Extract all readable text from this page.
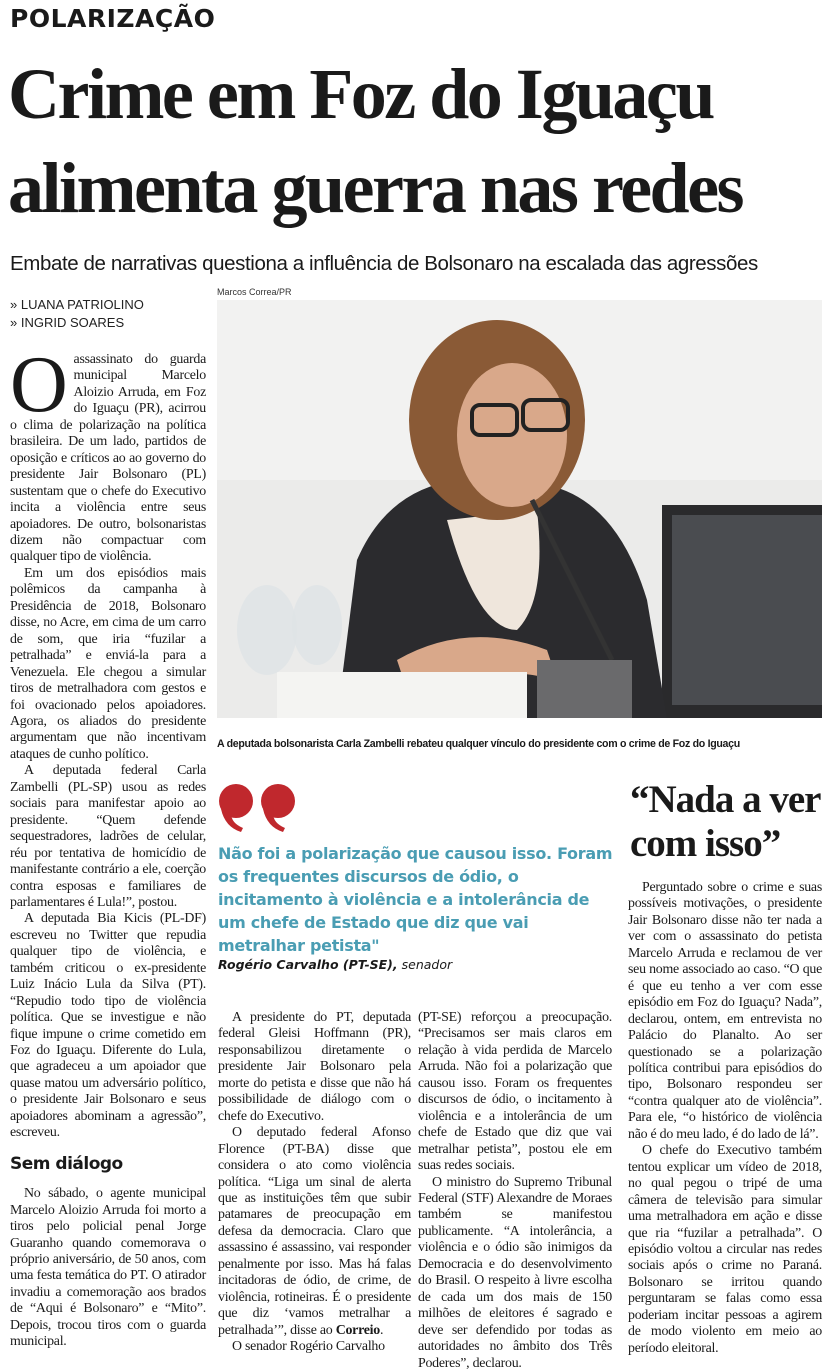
POLARIZAÇÃO
Crime em Foz do Iguaçu
alimenta guerra nas redes
Embate de narrativas questiona a influência de Bolsonaro na escalada das agressões
» LUANA PATRIOLINO
» INGRID SOARES
Marcos Correa/PR
A deputada bolsonarista Carla Zambelli rebateu qualquer vínculo do presidente com o crime de Foz do Iguaçu

Oassassinato do guarda municipal Marcelo Aloizio Arruda, em Foz do Iguaçu (PR), acirrou o clima de polarização na política brasileira. De um lado, partidos de oposição e críticos ao ao governo do presidente Jair Bolsonaro (PL) sustentam que o chefe do Executivo incita a violência entre seus apoiadores. De outro, bolsonaristas dizem não compactuar com qualquer tipo de violência.

Em um dos episódios mais polêmicos da campanha à Presidência de 2018, Bolsonaro disse, no Acre, em cima de um carro de som, que iria “fuzilar a petralhada” e enviá-la para a Venezuela. Ele chegou a simular tiros de metralhadora com gestos e foi ovacionado pelos apoiadores. Agora, os aliados do presidente argumentam que não incentivam ataques de cunho político.

A deputada federal Carla Zambelli (PL-SP) usou as redes sociais para manifestar apoio ao presidente. “Quem defende sequestradores, ladrões de celular, réu por tentativa de homicídio de manifestante contrário a ele, coerção contra esposas e familiares de parlamentares é Lula!”, postou.

A deputada Bia Kicis (PL-DF) escreveu no Twitter que repudia qualquer tipo de violência, e também criticou o ex-presidente Luiz Inácio Lula da Silva (PT). “Repudio todo tipo de violência política. Que se investigue e não fique impune o crime cometido em Foz do Iguaçu. Diferente do Lula, que agradeceu a um apoiador que quase matou um adversário político, o presidente Jair Bolsonaro e seus apoiadores abominam a agressão”, escreveu.

Sem diálogo

No sábado, o agente municipal Marcelo Aloizio Arruda foi morto a tiros pelo policial penal Jorge Guaranho quando comemorava o próprio aniversário, de 50 anos, com uma festa temática do PT. O atirador invadiu a comemoração aos brados de “Aqui é Bolsonaro” e “Mito”. Depois, trocou tiros com o guarda municipal.

Não foi a polarização que causou isso. Foram os frequentes discursos de ódio, o incitamento à violência e a intolerância de um chefe de Estado que diz que vai metralhar petista"
Rogério Carvalho (PT-SE), senador

A presidente do PT, deputada federal Gleisi Hoffmann (PR), responsabilizou diretamente o presidente Jair Bolsonaro pela morte do petista e disse que não há possibilidade de diálogo com o chefe do Executivo.

O deputado federal Afonso Florence (PT-BA) disse que considera o ato como violência política. “Liga um sinal de alerta que as instituições têm que subir patamares de preocupação em defesa da democracia. Claro que assassino é assassino, vai responder penalmente por isso. Mas há falas incitadoras de ódio, de crime, de violência, rotineiras. É o presidente que diz ‘vamos metralhar a petralhada’”, disse ao Correio.

O senador Rogério Carvalho

(PT-SE) reforçou a preocupação. “Precisamos ser mais claros em relação à vida perdida de Marcelo Arruda. Não foi a polarização que causou isso. Foram os frequentes discursos de ódio, o incitamento à violência e a intolerância de um chefe de Estado que diz que vai metralhar petista”, postou ele em suas redes sociais.

O ministro do Supremo Tribunal Federal (STF) Alexandre de Moraes também se manifestou publicamente. “A intolerância, a violência e o ódio são inimigos da Democracia e do desenvolvimento do Brasil. O respeito à livre escolha de cada um dos mais de 150 milhões de eleitores é sagrado e deve ser defendido por todas as autoridades no âmbito dos Três Poderes”, declarou.

“Nada a ver com isso”

Perguntado sobre o crime e suas possíveis motivações, o presidente Jair Bolsonaro disse não ter nada a ver com o assassinato do petista Marcelo Arruda e reclamou de ver seu nome associado ao caso. “O que é que eu tenho a ver com esse episódio em Foz do Iguaçu? Nada”, declarou, ontem, em entrevista no Palácio do Planalto. Ao ser questionado se a polarização política contribui para episódios do tipo, Bolsonaro respondeu ser “contra qualquer ato de violência”. Para ele, “o histórico de violência não é do meu lado, é do lado de lá”.

O chefe do Executivo também tentou explicar um vídeo de 2018, no qual pegou o tripé de uma câmera de televisão para simular uma metralhadora em ação e disse que ria “fuzilar a petralhada”. O episódio voltou a circular nas redes sociais após o crime no Paraná. Bolsonaro se irritou quando perguntaram se falas como essa poderiam incitar pessoas a agirem de modo violento em meio ao período eleitoral.
